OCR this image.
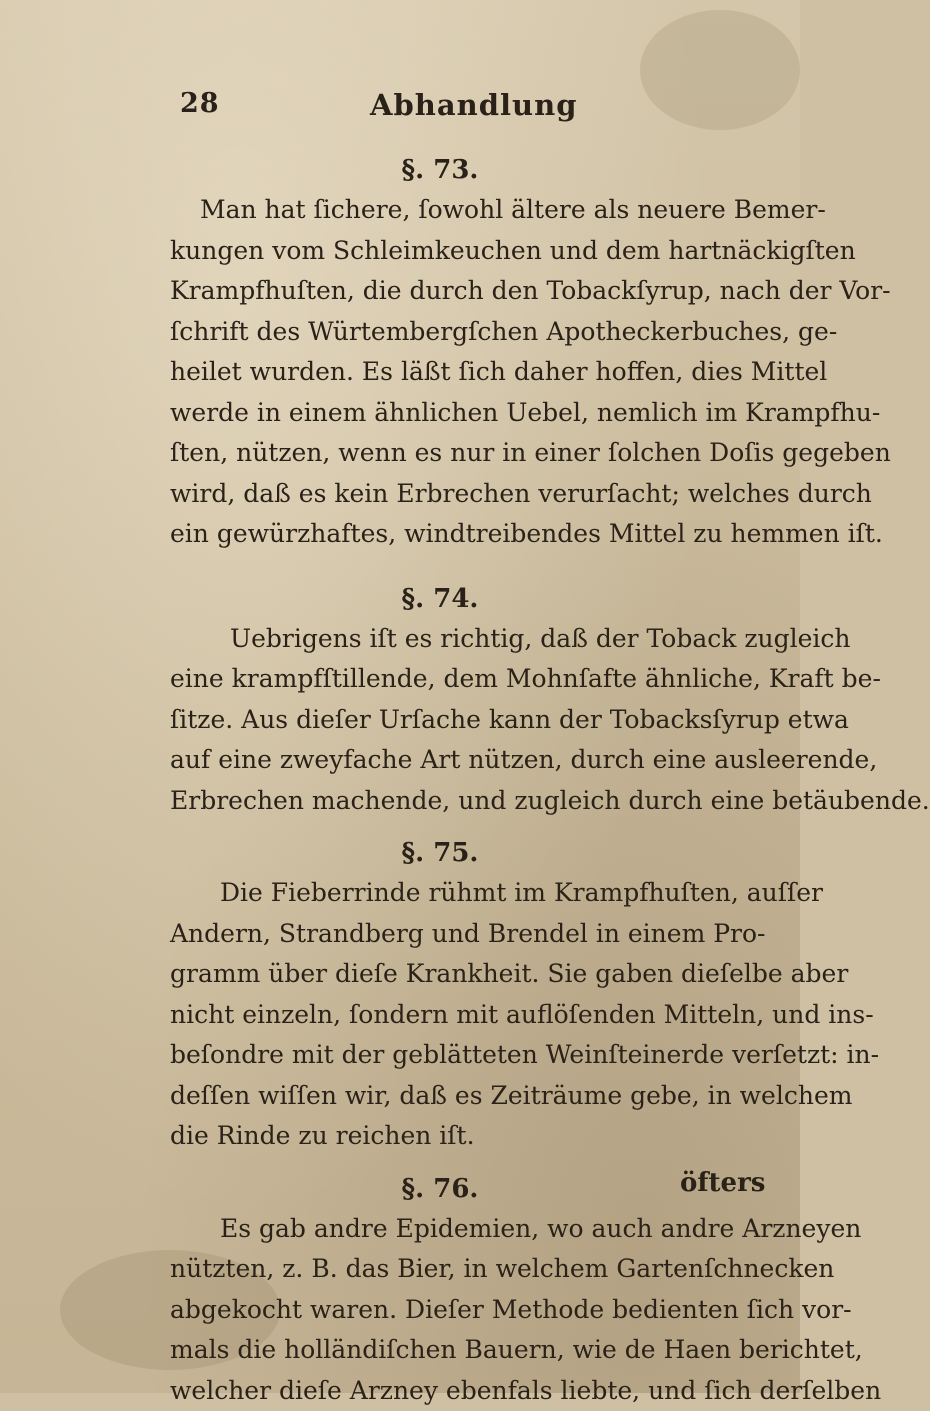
28	Abhandlung
§. 73.
Man hat ſichere, ſowohl ältere als neuere Bemer-
kungen vom Schleimkeuchen und dem hartnäckigſten
Krampfhuſten, die durch den Tobackſyrup, nach der Vor-
ſchrift des Würtembergſchen Apotheckerbuches, ge-
heilet wurden. Es läßt ſich daher hoffen, dies Mittel
werde in einem ähnlichen Uebel, nemlich im Krampfhu-
ſten, nützen, wenn es nur in einer ſolchen Doſis gegeben
wird, daß es kein Erbrechen verurſacht; welches durch
ein gewürzhaftes, windtreibendes Mittel zu hemmen iſt.
§. 74.
Uebrigens iſt es richtig, daß der Toback zugleich
eine krampfſtillende, dem Mohnſafte ähnliche, Kraft be-
ſitze. Aus dieſer Urſache kann der Tobacksſyrup etwa
auf eine zweyfache Art nützen, durch eine ausleerende,
Erbrechen machende, und zugleich durch eine betäubende.
§. 75.
Die Fieberrinde rühmt im Krampfhuſten, auſſer
Andern, Strandberg und Brendel in einem Pro-
gramm über dieſe Krankheit. Sie gaben dieſelbe aber
nicht einzeln, ſondern mit auflöſenden Mitteln, und ins-
beſondre mit der geblätteten Weinſteinerde verſetzt: in-
deſſen wiſſen wir, daß es Zeiträume gebe, in welchem
die Rinde zu reichen iſt.
§. 76.
Es gab andre Epidemien, wo auch andre Arzneyen
nützten, z. B. das Bier, in welchem Gartenſchnecken
abgekocht waren. Dieſer Methode bedienten ſich vor-
mals die holländiſchen Bauern, wie de Haen berichtet,
welcher dieſe Arzney ebenfals liebte, und ſich derſelben
öfters
